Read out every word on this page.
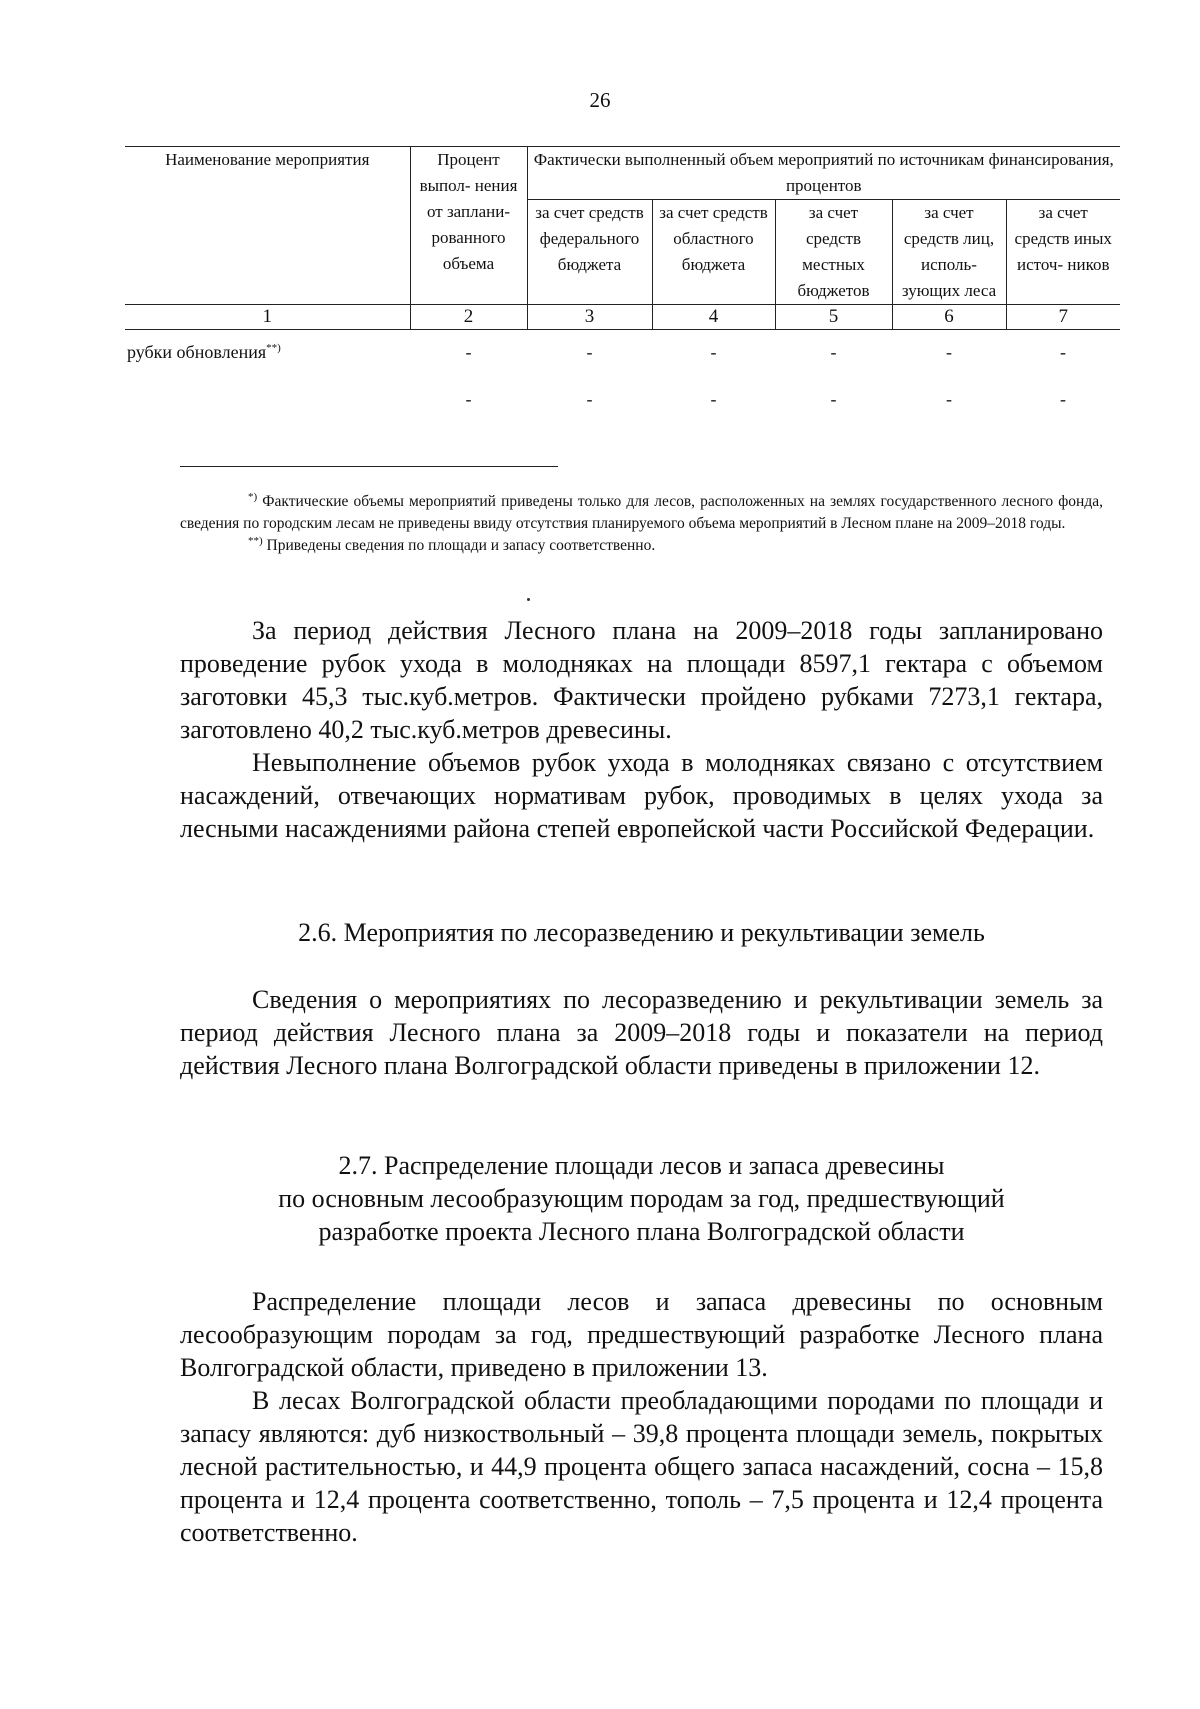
26
Наименование мероприятия	Процент выпол- нения от заплани- рованного объема	Фактически выполненный объем мероприятий по источникам финансирования, процентов				
		за счет средств федерального бюджета	за счет средств областного бюджета	за счет средств местных бюджетов	за счет средств лиц, исполь- зующих леса	за счет средств иных источ- ников
1	2	3	4	5	6	7
рубки обновления**)	-	-	-	-	-	-
	-	-	-	-	-	-

*) Фактические объемы мероприятий приведены только для лесов, расположенных на землях государственного лесного фонда, сведения по городским лесам не приведены ввиду отсутствия планируемого объема мероприятий в Лесном плане на 2009–2018 годы.

**) Приведены сведения по площади и запасу соответственно.

За период действия Лесного плана на 2009–2018 годы запланировано проведение рубок ухода в молодняках на площади 8597,1 гектара с объемом заготовки 45,3 тыс.куб.метров. Фактически пройдено рубками 7273,1 гектара, заготовлено 40,2 тыс.куб.метров древесины.

Невыполнение объемов рубок ухода в молодняках связано с отсутствием насаждений, отвечающих нормативам рубок, проводимых в целях ухода за лесными насаждениями района степей европейской части Российской Федерации.

2.6. Мероприятия по лесоразведению и рекультивации земель

Сведения о мероприятиях по лесоразведению и рекультивации земель за период действия Лесного плана за 2009–2018 годы и показатели на период действия Лесного плана Волгоградской области приведены в приложении 12.

2.7. Распределение площади лесов и запаса древесины
по основным лесообразующим породам за год, предшествующий
разработке проекта Лесного плана Волгоградской области

Распределение площади лесов и запаса древесины по основным лесообразующим породам за год, предшествующий разработке Лесного плана Волгоградской области, приведено в приложении 13.

В лесах Волгоградской области преобладающими породами по площади и запасу являются: дуб низкоствольный – 39,8 процента площади земель, покрытых лесной растительностью, и 44,9 процента общего запаса насаждений, сосна – 15,8 процента и 12,4 процента соответственно, тополь – 7,5 процента и 12,4 процента соответственно.
